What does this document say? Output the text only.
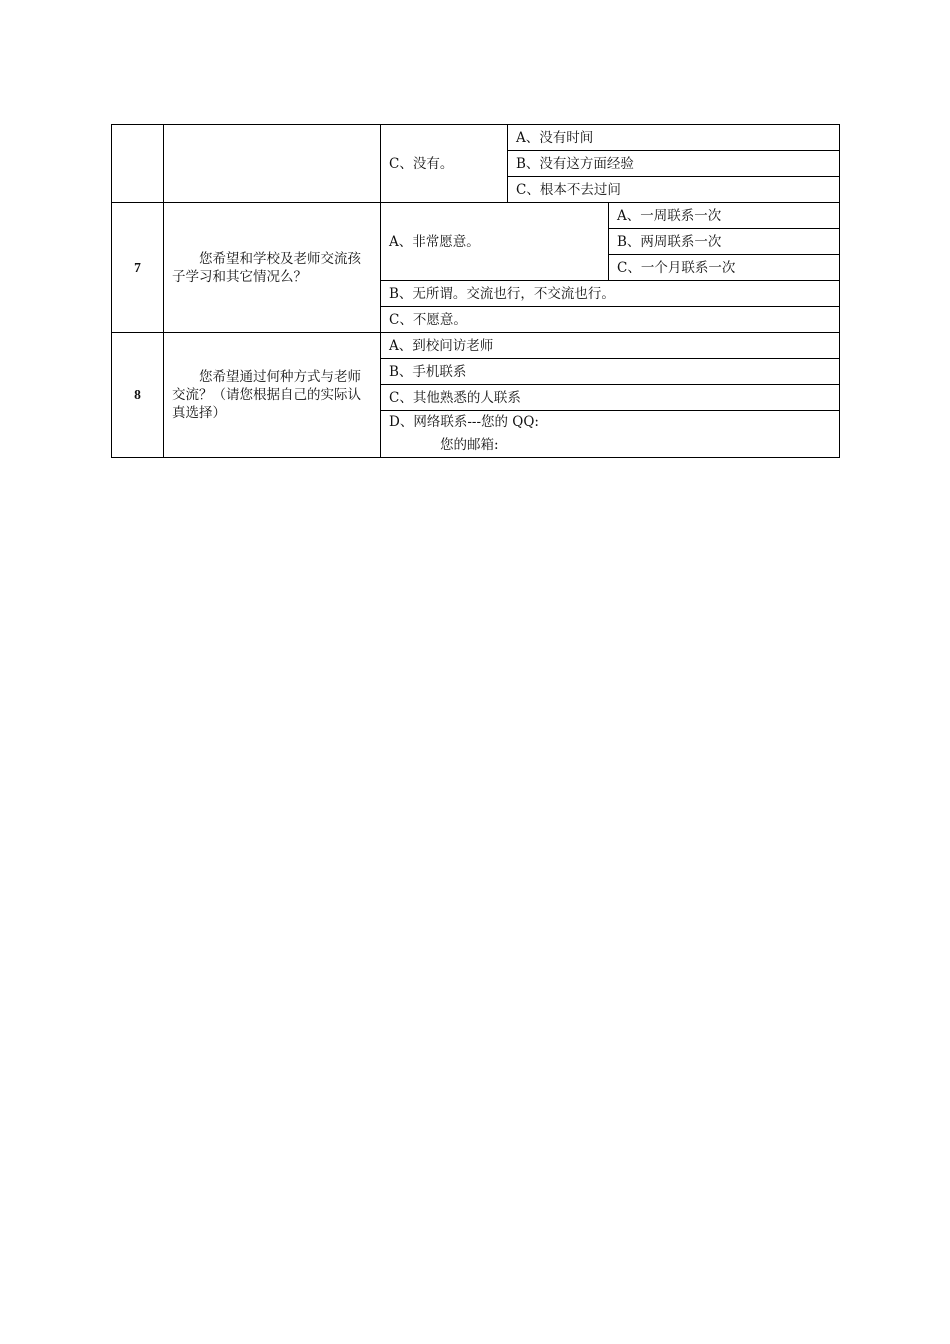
		C、没有。	A、没有时间	
			B、没有这方面经验	
			C、根本不去过问	
7	您希望和学校及老师交流孩子学习和其它情况么？	A、非常愿意。		A、一周联系一次
				B、两周联系一次
				C、一个月联系一次
		B、无所谓。交流也行，不交流也行。		
		C、不愿意。		
8	您希望通过何种方式与老师交流？（请您根据自己的实际认真选择）	A、到校问访老师		
		B、手机联系		
		C、其他熟悉的人联系		

		D、网络联系---您的 QQ:
您的邮箱:		
